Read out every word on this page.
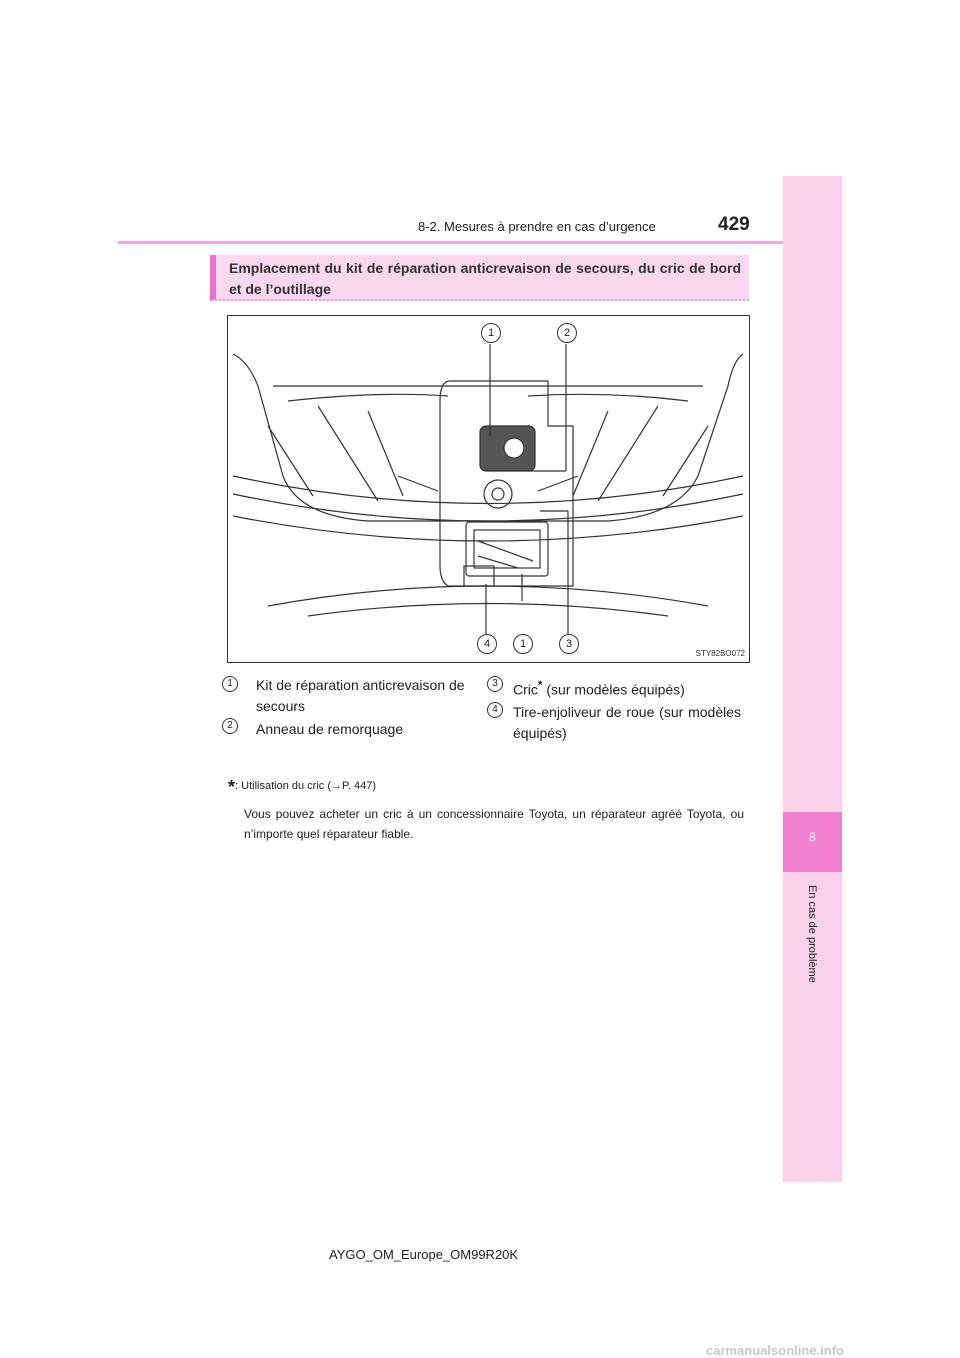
8-2. Mesures à prendre en cas d’urgence	429
8
En cas de problème
Emplacement du kit de réparation anticrevaison de secours, du cric de bord et de l’outillage
1	2
4	1	3
STY82BO072
1	Kit de réparation anticrevaison de secours
2	Anneau de remorquage
3	Cric* (sur modèles équipés)
4	Tire-enjoliveur de roue (sur modèles équipés)
*: Utilisation du cric (→P. 447)
Vous pouvez acheter un cric à un concessionnaire Toyota, un réparateur agréé Toyota, ou n’importe quel réparateur fiable.
AYGO_OM_Europe_OM99R20K
carmanualsonline.info
